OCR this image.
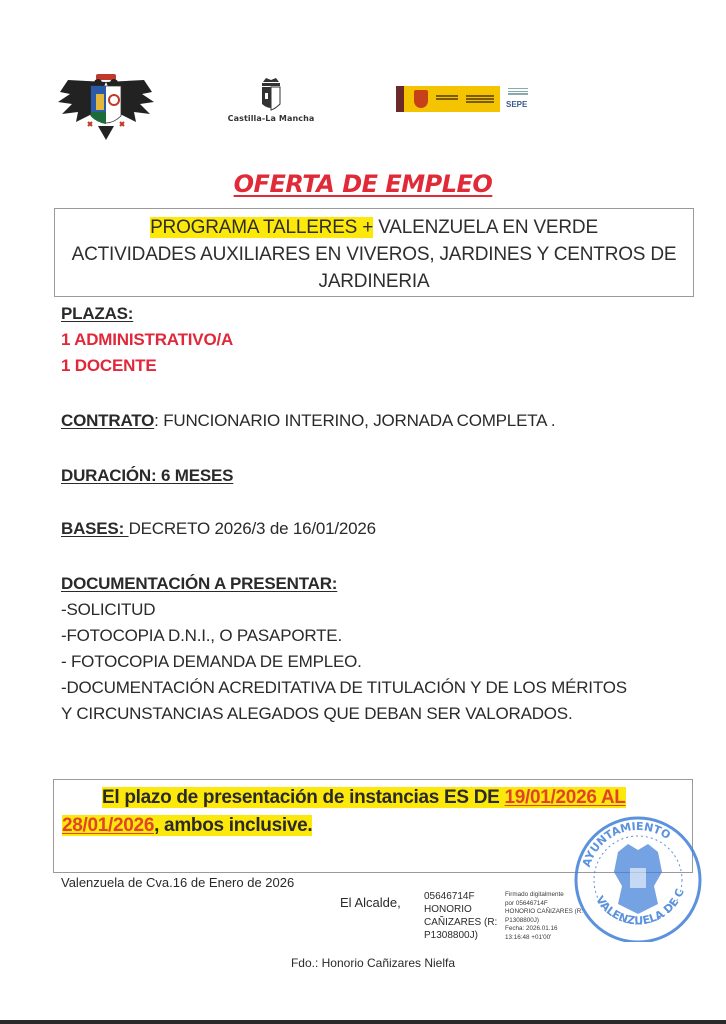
Castilla-La Mancha
SEPE
OFERTA DE EMPLEO
PROGRAMA TALLERES + VALENZUELA EN VERDE
ACTIVIDADES AUXILIARES EN VIVEROS, JARDINES Y CENTROS DE
JARDINERIA
PLAZAS:
1 ADMINISTRATIVO/A
1 DOCENTE
CONTRATO: FUNCIONARIO INTERINO, JORNADA COMPLETA .
DURACIÓN: 6 MESES
BASES: DECRETO 2026/3 de 16/01/2026
DOCUMENTACIÓN A PRESENTAR:
-SOLICITUD
-FOTOCOPIA D.N.I., O PASAPORTE.
- FOTOCOPIA DEMANDA DE EMPLEO.
-DOCUMENTACIÓN ACREDITATIVA DE TITULACIÓN Y DE LOS MÉRITOS
Y CIRCUNSTANCIAS ALEGADOS QUE DEBAN SER VALORADOS.
El plazo de presentación de instancias ES DE 19/01/2026 AL
28/01/2026, ambos inclusive.
AYUNTAMIENTO
VALENZUELA DE C
Valenzuela de Cva.16 de Enero de 2026
El Alcalde, 05646714F
HONORIO
CAÑIZARES (R:
P1308800J)
Firmado digitalmente
por 05646714F
HONORIO CAÑIZARES (R:
P1308800J)
Fecha: 2026.01.16
13:16:48 +01'00'
Fdo.: Honorio Cañizares Nielfa
